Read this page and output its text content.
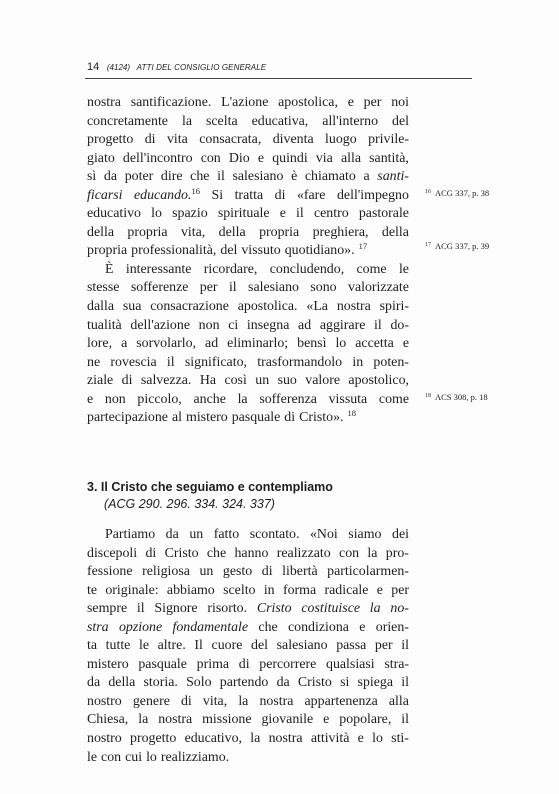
14 (4124) ATTI DEL CONSIGLIO GENERALE
nostra santificazione. L'azione apostolica, e per noi
concretamente la scelta educativa, all'interno del
progetto di vita consacrata, diventa luogo privile-
giato dell'incontro con Dio e quindi via alla santità,
sì da poter dire che il salesiano è chiamato a santi-
ficarsi educando.$^{16}$ Si tratta di «fare dell'impegno
educativo lo spazio spirituale e il centro pastorale
della propria vita, della propria preghiera, della
propria professionalità, del vissuto quotidiano». $^{17}$
È interessante ricordare, concludendo, come le
stesse sofferenze per il salesiano sono valorizzate
dalla sua consacrazione apostolica. «La nostra spiri-
tualità dell'azione non ci insegna ad aggirare il do-
lore, a sorvolarlo, ad eliminarlo; bensì lo accetta e
ne rovescia il significato, trasformandolo in poten-
ziale di salvezza. Ha così un suo valore apostolico,
e non piccolo, anche la sofferenza vissuta come
partecipazione al mistero pasquale di Cristo». $^{18}$
3. Il Cristo che seguiamo e contempliamo
(ACG 290. 296. 334. 324. 337)
Partiamo da un fatto scontato. «Noi siamo dei
discepoli di Cristo che hanno realizzato con la pro-
fessione religiosa un gesto di libertà particolarmen-
te originale: abbiamo scelto in forma radicale e per
sempre il Signore risorto. Cristo costituisce la no-
stra opzione fondamentale che condiziona e orien-
ta tutte le altre. Il cuore del salesiano passa per il
mistero pasquale prima di percorrere qualsiasi stra-
da della storia. Solo partendo da Cristo si spiega il
nostro genere di vita, la nostra appartenenza alla
Chiesa, la nostra missione giovanile e popolare, il
nostro progetto educativo, la nostra attività e lo sti-
le con cui lo realizziamo.
$^{16}$ ACG 337, p. 38
$^{17}$ ACG 337, p. 39
$^{18}$ ACS 308, p. 18
